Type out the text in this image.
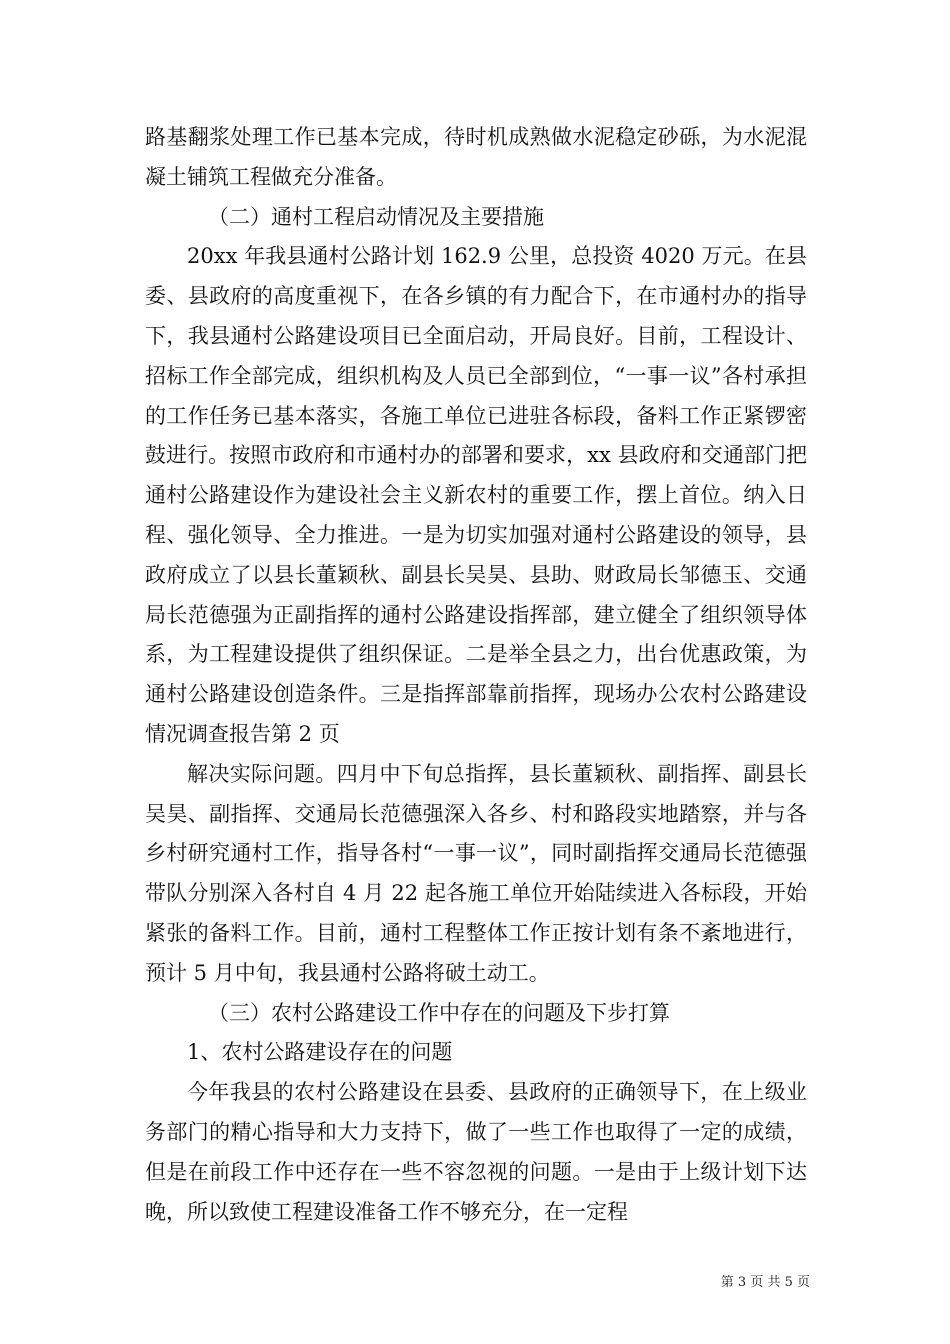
路基翻浆处理工作已基本完成，待时机成熟做水泥稳定砂砾，为水泥混凝土铺筑工程做充分准备。

（二）通村工程启动情况及主要措施

20xx 年我县通村公路计划 162.9 公里，总投资 4020 万元。在县委、县政府的高度重视下，在各乡镇的有力配合下，在市通村办的指导下，我县通村公路建设项目已全面启动，开局良好。目前，工程设计、招标工作全部完成，组织机构及人员已全部到位，“一事一议”各村承担的工作任务已基本落实，各施工单位已进驻各标段，备料工作正紧锣密鼓进行。按照市政府和市通村办的部署和要求，xx 县政府和交通部门把通村公路建设作为建设社会主义新农村的重要工作，摆上首位。纳入日程、强化领导、全力推进。一是为切实加强对通村公路建设的领导，县政府成立了以县长董颖秋、副县长吴昊、县助、财政局长邹德玉、交通局长范德强为正副指挥的通村公路建设指挥部，建立健全了组织领导体系，为工程建设提供了组织保证。二是举全县之力，出台优惠政策，为通村公路建设创造条件。三是指挥部靠前指挥，现场办公农村公路建设情况调查报告第 2 页

解决实际问题。四月中下旬总指挥，县长董颖秋、副指挥、副县长吴昊、副指挥、交通局长范德强深入各乡、村和路段实地踏察，并与各乡村研究通村工作，指导各村“一事一议”，同时副指挥交通局长范德强带队分别深入各村自 4 月 22 起各施工单位开始陆续进入各标段，开始紧张的备料工作。目前，通村工程整体工作正按计划有条不紊地进行，预计 5 月中旬，我县通村公路将破土动工。

（三）农村公路建设工作中存在的问题及下步打算

1、农村公路建设存在的问题

今年我县的农村公路建设在县委、县政府的正确领导下，在上级业务部门的精心指导和大力支持下，做了一些工作也取得了一定的成绩，但是在前段工作中还存在一些不容忽视的问题。一是由于上级计划下达晚，所以致使工程建设准备工作不够充分，在一定程

第 3 页 共 5 页
